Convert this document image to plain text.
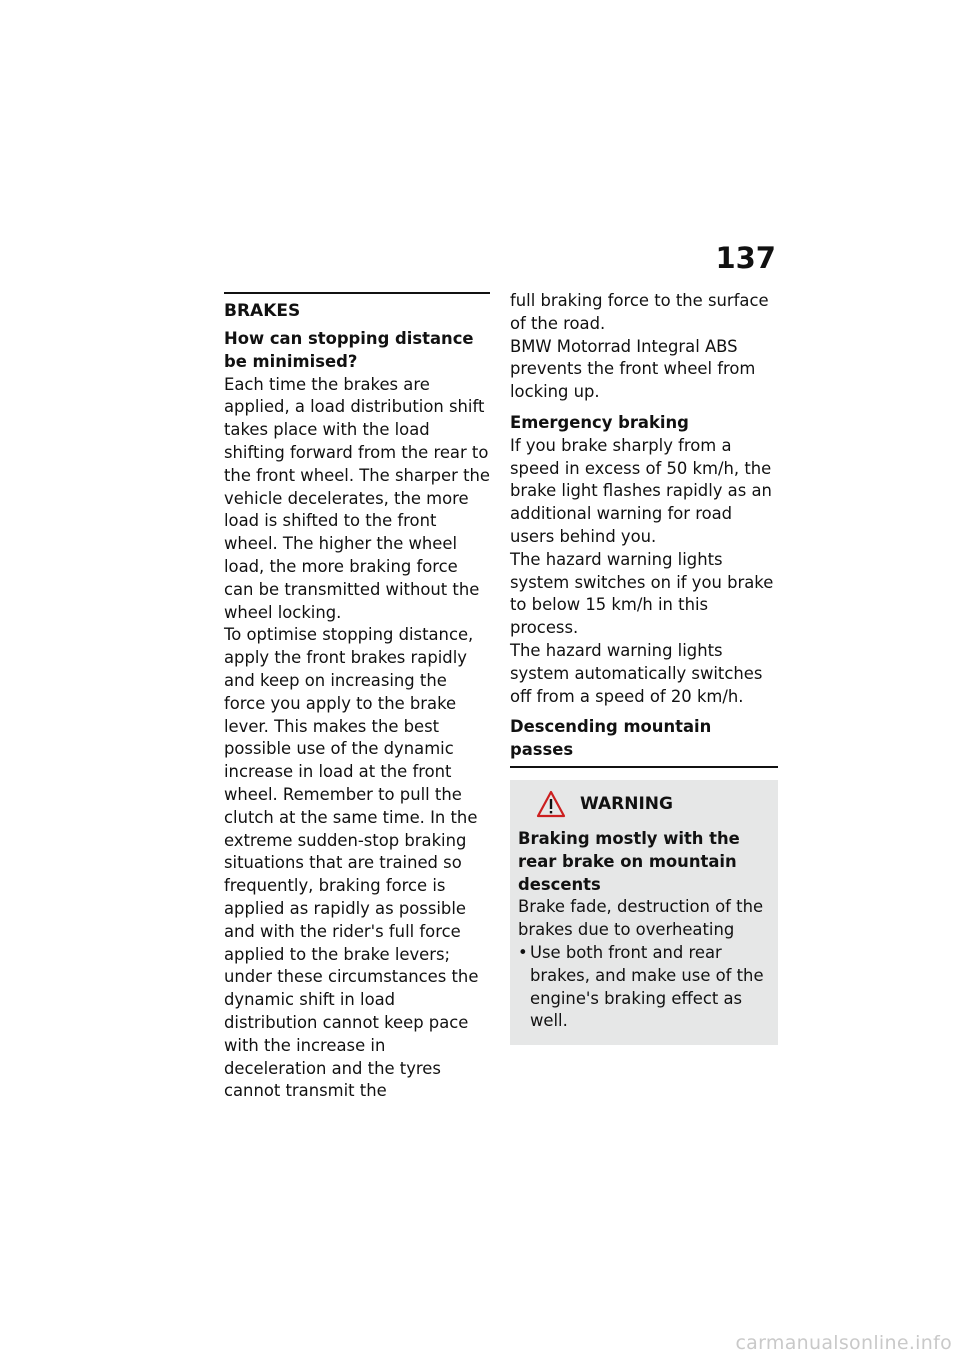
137
BRAKES

How can stopping distance be minimised?

Each time the brakes are applied, a load distribution shift takes place with the load shifting forward from the rear to the front wheel. The sharper the vehicle decelerates, the more load is shifted to the front wheel. The higher the wheel load, the more braking force can be transmitted without the wheel locking.

To optimise stopping distance, apply the front brakes rapidly and keep on increasing the force you apply to the brake lever. This makes the best possible use of the dynamic increase in load at the front wheel. Remember to pull the clutch at the same time. In the extreme sudden-stop braking situations that are trained so frequently, braking force is applied as rapidly as possible and with the rider's full force applied to the brake levers; under these circumstances the dynamic shift in load distribution cannot keep pace with the increase in deceleration and the tyres cannot transmit the

full braking force to the surface of the road.

BMW Motorrad Integral ABS prevents the front wheel from locking up.

Emergency braking

If you brake sharply from a speed in excess of 50 km/h, the brake light flashes rapidly as an additional warning for road users behind you.

The hazard warning lights system switches on if you brake to below 15 km/h in this process.

The hazard warning lights system automatically switches off from a speed of 20 km/h.

Descending mountain passes
WARNING

Braking mostly with the rear brake on mountain descents

Brake fade, destruction of the brakes due to overheating

• Use both front and rear brakes, and make use of the engine's braking effect as well.
carmanualsonline.info
